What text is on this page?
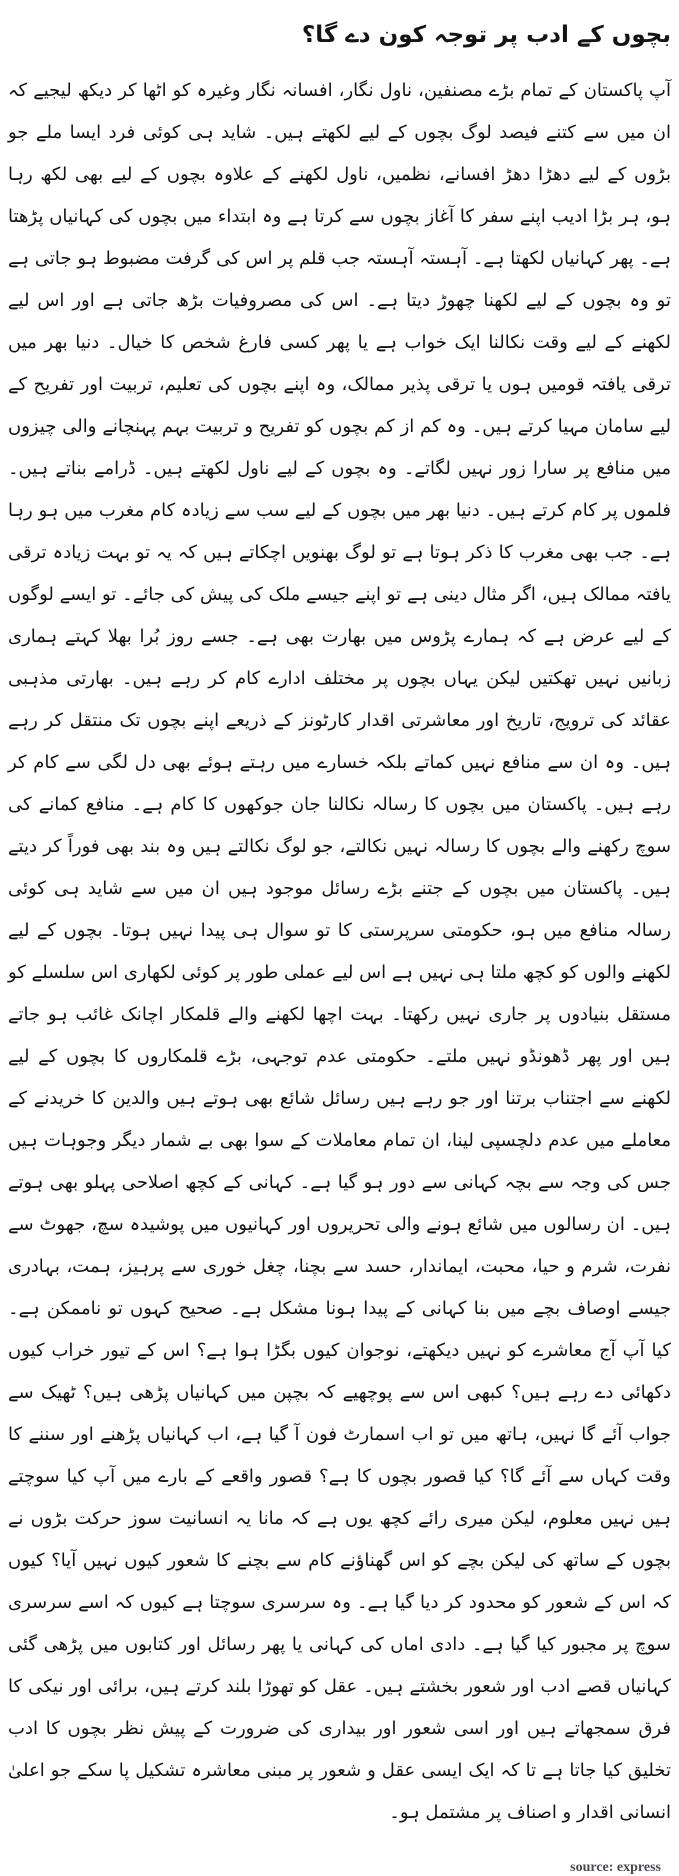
بچوں کے ادب پر توجہ کون دے گا؟
آپ پاکستان کے تمام بڑے مصنفین، ناول نگار، افسانہ نگار وغیرہ کو اٹھا کر دیکھ لیجیے کہ ان میں سے کتنے فیصد لوگ بچوں کے لیے لکھتے ہیں۔ شاید ہی کوئی فرد ایسا ملے جو بڑوں کے لیے دھڑا دھڑ افسانے، نظمیں، ناول لکھنے کے علاوہ بچوں کے لیے بھی لکھ رہا ہو، ہر بڑا ادیب اپنے سفر کا آغاز بچوں سے کرتا ہے وہ ابتداء میں بچوں کی کہانیاں پڑھتا ہے۔ پھر کہانیاں لکھتا ہے۔ آہستہ آہستہ جب قلم پر اس کی گرفت مضبوط ہو جاتی ہے تو وہ بچوں کے لیے لکھنا چھوڑ دیتا ہے۔ اس کی مصروفیات بڑھ جاتی ہے اور اس لیے لکھنے کے لیے وقت نکالنا ایک خواب ہے یا پھر کسی فارغ شخص کا خیال۔ دنیا بھر میں ترقی یافتہ قومیں ہوں یا ترقی پذیر ممالک، وہ اپنے بچوں کی تعلیم، تربیت اور تفریح کے لیے سامان مہیا کرتے ہیں۔ وہ کم از کم بچوں کو تفریح و تربیت بہم پہنچانے والی چیزوں میں منافع پر سارا زور نہیں لگاتے۔ وہ بچوں کے لیے ناول لکھتے ہیں۔ ڈرامے بناتے ہیں۔ فلموں پر کام کرتے ہیں۔ دنیا بھر میں بچوں کے لیے سب سے زیادہ کام مغرب میں ہو رہا ہے۔ جب بھی مغرب کا ذکر ہوتا ہے تو لوگ بھنویں اچکاتے ہیں کہ یہ تو بہت زیادہ ترقی یافتہ ممالک ہیں، اگر مثال دینی ہے تو اپنے جیسے ملک کی پیش کی جائے۔ تو ایسے لوگوں کے لیے عرض ہے کہ ہمارے پڑوس میں بھارت بھی ہے۔ جسے روز بُرا بھلا کہتے ہماری زبانیں نہیں تھکتیں لیکن یہاں بچوں پر مختلف ادارے کام کر رہے ہیں۔ بھارتی مذہبی عقائد کی ترویج، تاریخ اور معاشرتی اقدار کارٹونز کے ذریعے اپنے بچوں تک منتقل کر رہے ہیں۔ وہ ان سے منافع نہیں کماتے بلکہ خسارے میں رہتے ہوئے بھی دل لگی سے کام کر رہے ہیں۔ پاکستان میں بچوں کا رسالہ نکالنا جان جوکھوں کا کام ہے۔ منافع کمانے کی سوچ رکھنے والے بچوں کا رسالہ نہیں نکالتے، جو لوگ نکالتے ہیں وہ بند بھی فوراً کر دیتے ہیں۔ پاکستان میں بچوں کے جتنے بڑے رسائل موجود ہیں ان میں سے شاید ہی کوئی رسالہ منافع میں ہو، حکومتی سرپرستی کا تو سوال ہی پیدا نہیں ہوتا۔ بچوں کے لیے لکھنے والوں کو کچھ ملتا ہی نہیں ہے اس لیے عملی طور پر کوئی لکھاری اس سلسلے کو مستقل بنیادوں پر جاری نہیں رکھتا۔ بہت اچھا لکھنے والے قلمکار اچانک غائب ہو جاتے ہیں اور پھر ڈھونڈو نہیں ملتے۔ حکومتی عدم توجہی، بڑے قلمکاروں کا بچوں کے لیے لکھنے سے اجتناب برتنا اور جو رہے ہیں رسائل شائع بھی ہوتے ہیں والدین کا خریدنے کے معاملے میں عدم دلچسپی لینا، ان تمام معاملات کے سوا بھی بے شمار دیگر وجوہات ہیں جس کی وجہ سے بچہ کہانی سے دور ہو گیا ہے۔ کہانی کے کچھ اصلاحی پہلو بھی ہوتے ہیں۔ ان رسالوں میں شائع ہونے والی تحریروں اور کہانیوں میں پوشیدہ سچ، جھوٹ سے نفرت، شرم و حیا، محبت، ایماندار، حسد سے بچنا، چغل خوری سے پرہیز، ہمت، بہادری جیسے اوصاف بچے میں بنا کہانی کے پیدا ہونا مشکل ہے۔ صحیح کہوں تو ناممکن ہے۔ کیا آپ آج معاشرے کو نہیں دیکھتے، نوجوان کیوں بگڑا ہوا ہے؟ اس کے تیور خراب کیوں دکھائی دے رہے ہیں؟ کبھی اس سے پوچھیے کہ بچپن میں کہانیاں پڑھی ہیں؟ ٹھیک سے جواب آئے گا نہیں، ہاتھ میں تو اب اسمارٹ فون آ گیا ہے، اب کہانیاں پڑھنے اور سننے کا وقت کہاں سے آئے گا؟ کیا قصور بچوں کا ہے؟ قصور واقعے کے بارے میں آپ کیا سوچتے ہیں نہیں معلوم، لیکن میری رائے کچھ یوں ہے کہ مانا یہ انسانیت سوز حرکت بڑوں نے بچوں کے ساتھ کی لیکن بچے کو اس گھناؤنے کام سے بچنے کا شعور کیوں نہیں آیا؟ کیوں کہ اس کے شعور کو محدود کر دیا گیا ہے۔ وہ سرسری سوچتا ہے کیوں کہ اسے سرسری سوچ پر مجبور کیا گیا ہے۔ دادی اماں کی کہانی یا پھر رسائل اور کتابوں میں پڑھی گئی کہانیاں قصے ادب اور شعور بخشتے ہیں۔ عقل کو تھوڑا بلند کرتے ہیں، برائی اور نیکی کا فرق سمجھاتے ہیں اور اسی شعور اور بیداری کی ضرورت کے پیش نظر بچوں کا ادب تخلیق کیا جاتا ہے تا کہ ایک ایسی عقل و شعور پر مبنی معاشرہ تشکیل پا سکے جو اعلیٰ انسانی اقدار و اصناف پر مشتمل ہو۔
source: express
